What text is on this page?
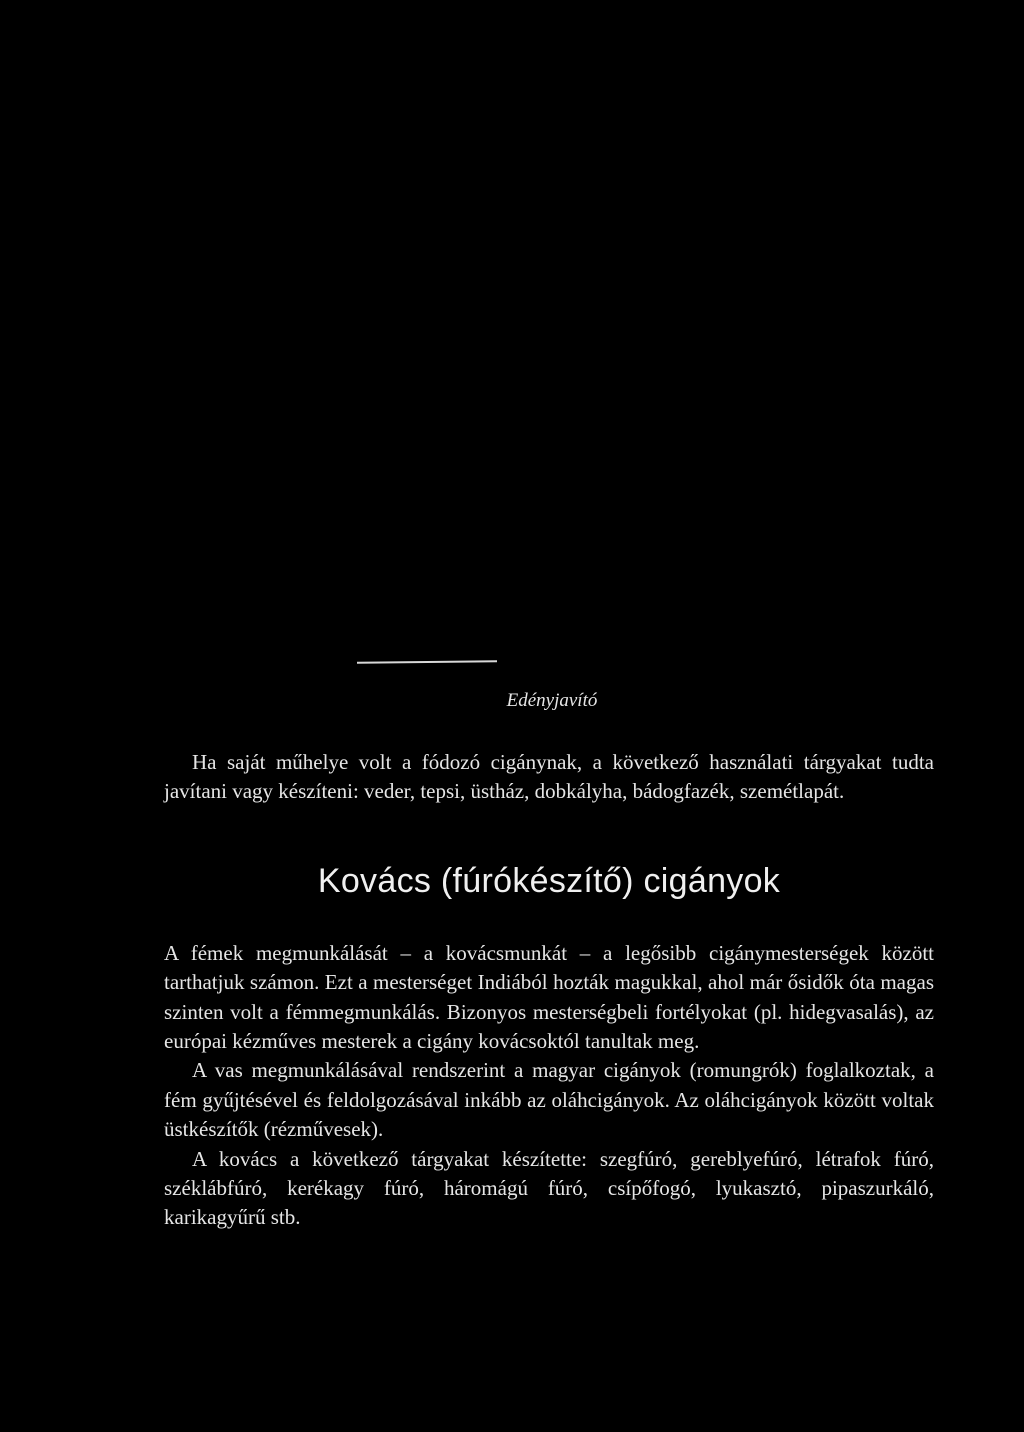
Edényjavító

Ha saját műhelye volt a fódozó cigánynak, a következő használati tárgyakat tudta javítani vagy készíteni: veder, tepsi, üstház, dobkályha, bádogfazék, szemétlapát.

Kovács (fúrókészítő) cigányok

A fémek megmunkálását – a kovácsmunkát – a legősibb cigánymesterségek között tarthatjuk számon. Ezt a mesterséget Indiából hozták magukkal, ahol már ősidők óta magas szinten volt a fémmegmunkálás. Bizonyos mesterségbeli fortélyokat (pl. hidegvasalás), az európai kézműves mesterek a cigány kovácsoktól tanultak meg.

A vas megmunkálásával rendszerint a magyar cigányok (romungrók) foglalkoztak, a fém gyűjtésével és feldolgozásával inkább az oláhcigányok. Az oláhcigányok között voltak üstkészítők (rézművesek).

A kovács a következő tárgyakat készítette: szegfúró, gereblyefúró, létrafok fúró, széklábfúró, kerékagy fúró, háromágú fúró, csípőfogó, lyukasztó, pipaszurkáló, karikagyűrű stb.
